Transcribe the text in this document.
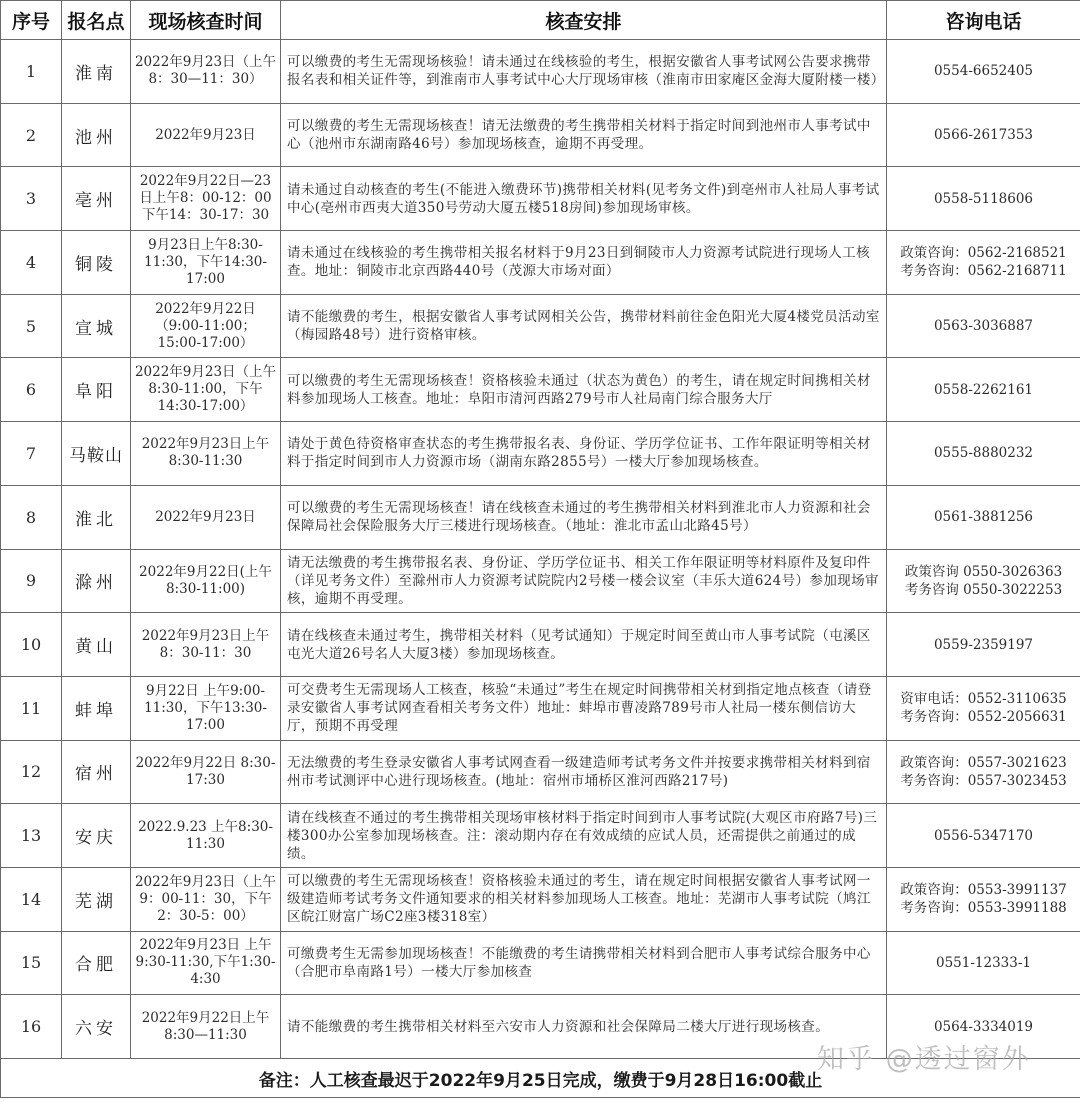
序号	报名点	现场核查时间	核查安排	咨询电话
1	淮南	2022年9月23日（上午8：30—11：30）	可以缴费的考生无需现场核验！请未通过在线核验的考生，根据安徽省人事考试网公告要求携带报名表和相关证件等，到淮南市人事考试中心大厅现场审核（淮南市田家庵区金海大厦附楼一楼）	0554-6652405

2	池州	2022年9月23日	可以缴费的考生无需现场核查！请无法缴费的考生携带相关材料于指定时间到池州市人事考试中心（池州市东湖南路46号）参加现场核查，逾期不再受理。	0566-2617353

3	亳州	2022年9月22日—23日上午8：00-12：00下午14：30-17：30	请未通过自动核查的考生(不能进入缴费环节)携带相关材料(见考务文件)到亳州市人社局人事考试中心(亳州市西夷大道350号劳动大厦五楼518房间)参加现场审核。	0558-5118606

4	铜陵	9月23日上午8:30-11:30，下午14:30-17:00	请未通过在线核验的考生携带相关报名材料于9月23日到铜陵市人力资源考试院进行现场人工核查。地址：铜陵市北京西路440号（茂源大市场对面）	政策咨询：0562-2168521
考务咨询：0562-2168711

5	宣城	2022年9月22日（9:00-11:00；15:00-17:00）	请不能缴费的考生，根据安徽省人事考试网相关公告，携带材料前往金色阳光大厦4楼党员活动室（梅园路48号）进行资格审核。	0563-3036887

6	阜阳	2022年9月23日（上午8:30-11:00，下午14:30-17:00）	可以缴费的考生无需现场核查！资格核验未通过（状态为黄色）的考生，请在规定时间携相关材料参加现场人工核查。地址：阜阳市清河西路279号市人社局南门综合服务大厅	0558-2262161

7	马鞍山	2022年9月23日上午8:30-11:30	请处于黄色待资格审查状态的考生携带报名表、身份证、学历学位证书、工作年限证明等相关材料于指定时间到市人力资源市场（湖南东路2855号）一楼大厅参加现场核查。	0555-8880232

8	淮北	2022年9月23日	可以缴费的考生无需现场核查！请在线核查未通过的考生携带相关材料到淮北市人力资源和社会保障局社会保险服务大厅三楼进行现场核查。（地址：淮北市孟山北路45号）	0561-3881256

9	滁州	2022年9月22日(上午8:30-11:00)	请无法缴费的考生携带报名表、身份证、学历学位证书、相关工作年限证明等材料原件及复印件（详见考务文件）至滁州市人力资源考试院院内2号楼一楼会议室（丰乐大道624号）参加现场审核，逾期不再受理。	政策咨询 0550-3026363
考务咨询 0550-3022253

10	黄山	2022年9月23日上午8：30-11：30	请在线核查未通过考生，携带相关材料（见考试通知）于规定时间至黄山市人事考试院（屯溪区屯光大道26号名人大厦3楼）参加现场核查。	0559-2359197

11	蚌埠	9月22日 上午9:00-11:30，下午13:30-17:00	可交费考生无需现场人工核查，核验“未通过”考生在规定时间携带相关材到指定地点核查（请登录安徽省人事考试网查看相关考务文件）地址：蚌埠市曹凌路789号市人社局一楼东侧信访大厅，预期不再受理	资审电话：0552-3110635
考务咨询：0552-2056631

12	宿州	2022年9月22日 8:30-17:30	无法缴费的考生登录安徽省人事考试网查看一级建造师考试考务文件并按要求携带相关材料到宿州市考试测评中心进行现场核查。(地址：宿州市埇桥区淮河西路217号)	政策咨询：0557-3021623
考务咨询：0557-3023453

13	安庆	2022.9.23 上午8:30-11:30	请在线核查不通过的考生携带相关现场审核材料于指定时间到市人事考试院(大观区市府路7号)三楼300办公室参加现场核查。注：滚动期内存在有效成绩的应试人员，还需提供之前通过的成绩。	0556-5347170

14	芜湖	2022年9月23日（上午9：00-11：30，下午2：30-5：00）	可以缴费的考生无需现场核查！资格核验未通过的考生，请在规定时间根据安徽省人事考试网一级建造师考试考务文件通知要求的相关材料参加现场人工核查。地址：芜湖市人事考试院（鸠江区皖江财富广场C2座3楼318室）	政策咨询：0553-3991137
考务咨询：0553-3991188

15	合肥	2022年9月23日 上午9:30-11:30,下午1:30-4:30	可缴费考生无需参加现场核查！不能缴费的考生请携带相关材料到合肥市人事考试综合服务中心（合肥市阜南路1号）一楼大厅参加核查	0551-12333-1

16	六安	2022年9月22日上午8:30—11:30	请不能缴费的考生携带相关材料至六安市人力资源和社会保障局二楼大厅进行现场核查。	0564-3334019

备注：人工核查最迟于2022年9月25日完成，缴费于9月28日16:00截止				
知乎 @透过窗外
